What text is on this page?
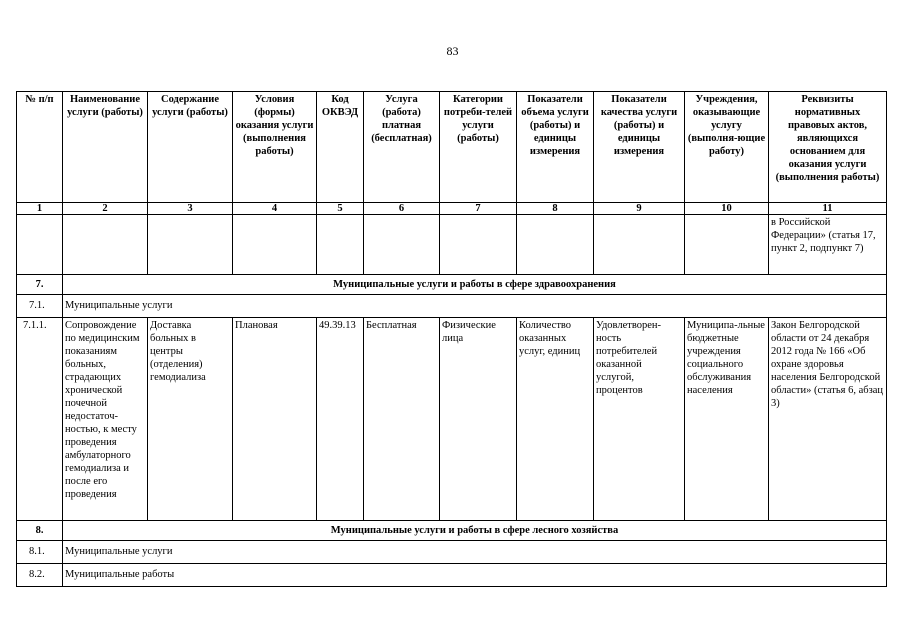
83
№ п/п	Наименование услуги (работы)	Содержание услуги (работы)	Условия (формы) оказания услуги (выполнения работы)	Код ОКВЭД	Услуга (работа) платная (бесплатная)	Категории потреби-телей услуги (работы)	Показатели объема услуги (работы) и единицы измерения	Показатели качества услуги (работы) и единицы измерения	Учреждения, оказывающие услугу (выполня-ющие работу)	Реквизиты нормативных правовых актов, являющихся основанием для оказания услуги (выполнения работы)
1	2	3	4	5	6	7	8	9	10	11
										в Российской Федерации» (статья 17, пункт 2, подпункт 7)
7.	Муниципальные услуги и работы в сфере здравоохранения									
7.1.	Муниципальные услуги									
7.1.1.	Сопровождение по медицинским показаниям больных, страдающих хронической почечной недостаточ-ностью, к месту проведения амбулаторного гемодиализа и после его проведения	Доставка больных в центры (отделения) гемодиализа	Плановая	49.39.13	Бесплатная	Физические лица	Количество оказанных услуг, единиц	Удовлетворен-ность потребителей оказанной услугой, процентов	Муниципа-льные бюджетные учреждения социального обслуживания населения	Закон Белгородской области от 24 декабря 2012 года № 166 «Об охране здоровья населения Белгородской области» (статья 6, абзац 3)
8.	Муниципальные услуги и работы в сфере лесного хозяйства									
8.1.	Муниципальные услуги									
8.2.	Муниципальные работы									
